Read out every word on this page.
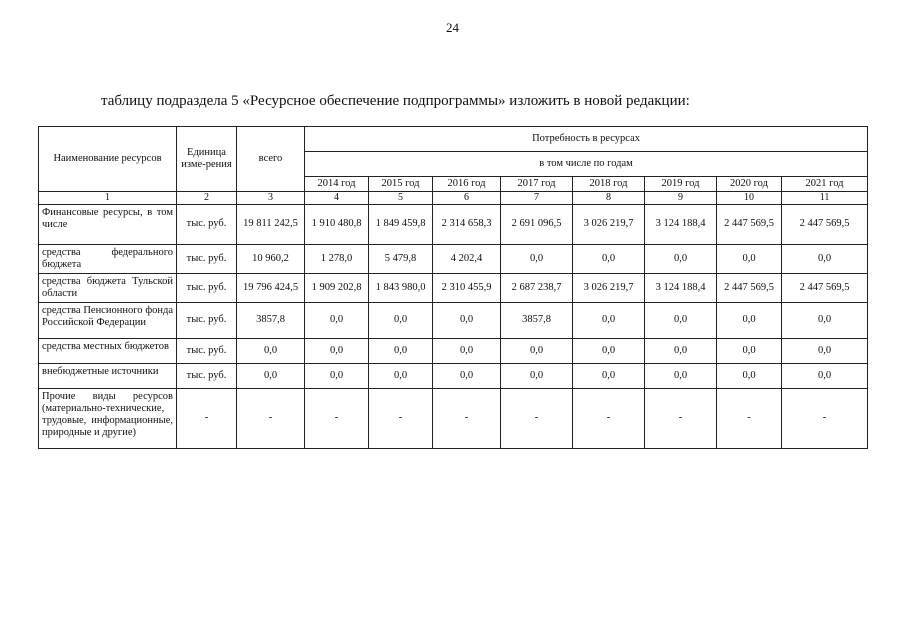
24
таблицу подраздела 5 «Ресурсное обеспечение подпрограммы» изложить в новой редакции:
Наименование ресурсов	Единица изме-рения	всего	Потребность в ресурсах							
			в том числе по годам							
			2014 год	2015 год	2016 год	2017 год	2018 год	2019 год	2020 год	2021 год
1	2	3	4	5	6	7	8	9	10	11
Финансовые ресурсы, в том числе	тыс. руб.	19 811 242,5	1 910 480,8	1 849 459,8	2 314 658,3	2 691 096,5	3 026 219,7	3 124 188,4	2 447 569,5	2 447 569,5
средства федерального бюджета	тыс. руб.	10 960,2	1 278,0	5 479,8	4 202,4	0,0	0,0	0,0	0,0	0,0
средства бюджета Тульской области	тыс. руб.	19 796 424,5	1 909 202,8	1 843 980,0	2 310 455,9	2 687 238,7	3 026 219,7	3 124 188,4	2 447 569,5	2 447 569,5
средства Пенсионного фонда Российской Федерации	тыс. руб.	3857,8	0,0	0,0	0,0	3857,8	0,0	0,0	0,0	0,0
средства местных бюджетов	тыс. руб.	0,0	0,0	0,0	0,0	0,0	0,0	0,0	0,0	0,0
внебюджетные источники	тыс. руб.	0,0	0,0	0,0	0,0	0,0	0,0	0,0	0,0	0,0
Прочие виды ресурсов (материально-технические, трудовые, информационные, природные и другие)	-	-	-	-	-	-	-	-	-	-
